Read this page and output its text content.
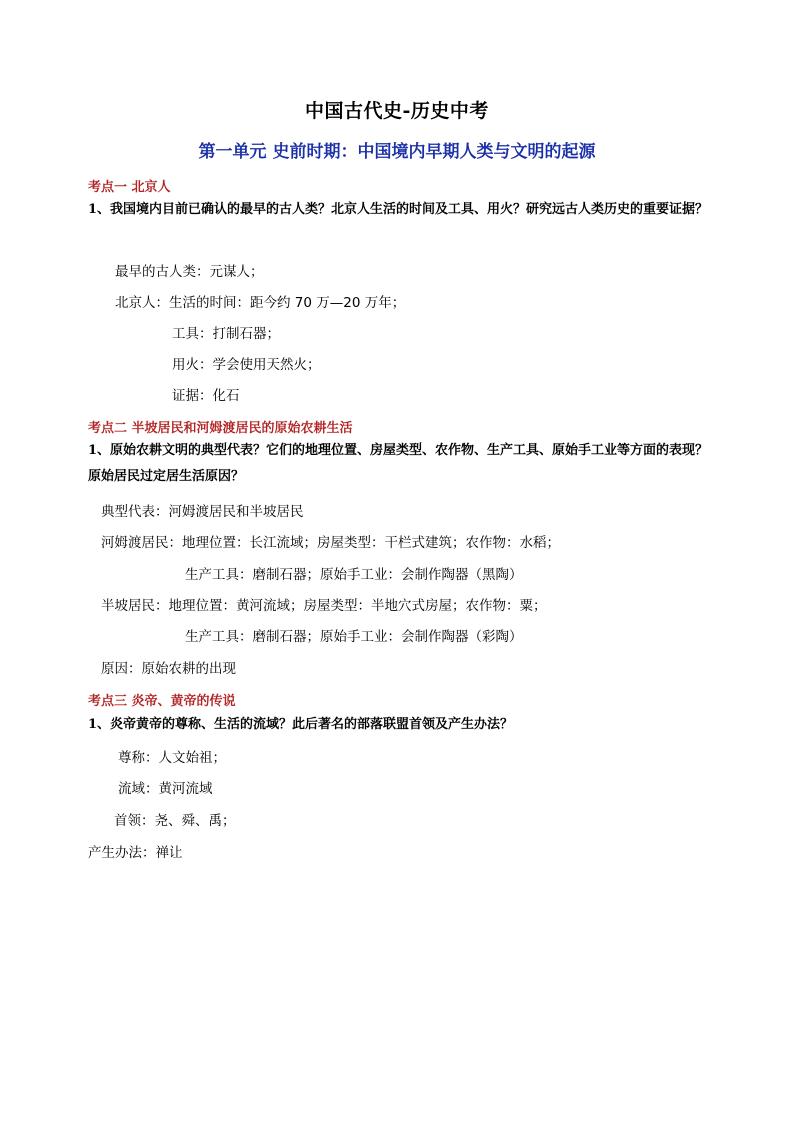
中国古代史-历史中考
第一单元 史前时期：中国境内早期人类与文明的起源
考点一 北京人
1、我国境内目前已确认的最早的古人类？北京人生活的时间及工具、用火？研究远古人类历史的重要证据？
最早的古人类：元谋人；
北京人：生活的时间：距今约 70 万—20 万年；
工具：打制石器；
用火：学会使用天然火；
证据：化石
考点二 半坡居民和河姆渡居民的原始农耕生活
1、原始农耕文明的典型代表？它们的地理位置、房屋类型、农作物、生产工具、原始手工业等方面的表现？原始居民过定居生活原因？
典型代表：河姆渡居民和半坡居民
河姆渡居民：地理位置：长江流域；房屋类型：干栏式建筑；农作物：水稻；
生产工具：磨制石器；原始手工业：会制作陶器（黑陶）
半坡居民：地理位置：黄河流域；房屋类型：半地穴式房屋；农作物：粟；
生产工具：磨制石器；原始手工业：会制作陶器（彩陶）
原因：原始农耕的出现
考点三 炎帝、黄帝的传说
1、炎帝黄帝的尊称、生活的流域？此后著名的部落联盟首领及产生办法？
尊称：人文始祖；
流域：黄河流域
首领：尧、舜、禹；
产生办法：禅让
